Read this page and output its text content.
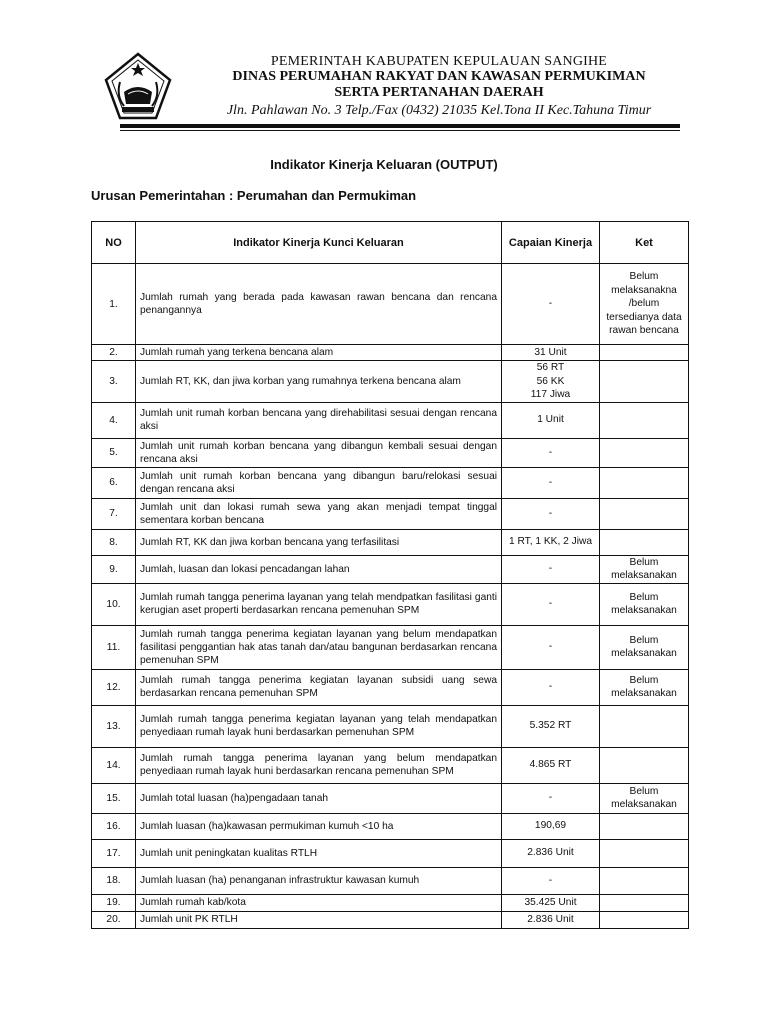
PEMERINTAH KABUPATEN KEPULAUAN SANGIHE
DINAS PERUMAHAN RAKYAT DAN KAWASAN PERMUKIMAN
SERTA PERTANAHAN DAERAH
Jln. Pahlawan No. 3 Telp./Fax (0432) 21035 Kel.Tona II Kec.Tahuna Timur
Indikator Kinerja Keluaran (OUTPUT)
Urusan Pemerintahan : Perumahan dan Permukiman
NO	Indikator Kinerja Kunci Keluaran	Capaian Kinerja	Ket
1.	Jumlah rumah yang berada pada kawasan rawan bencana dan rencana penangannya	-	Belum melaksanakna /belum tersedianya data rawan bencana
2.	Jumlah rumah yang terkena bencana alam	31 Unit	
3.	Jumlah RT, KK, dan jiwa korban yang rumahnya terkena bencana alam	56 RT
56 KK
117 Jiwa	
4.	Jumlah unit rumah korban bencana yang direhabilitasi sesuai dengan rencana aksi	1 Unit	
5.	Jumlah unit rumah korban bencana yang dibangun kembali sesuai dengan rencana aksi	-	
6.	Jumlah unit rumah korban bencana yang dibangun baru/relokasi sesuai dengan rencana aksi	-	
7.	Jumlah unit dan lokasi rumah sewa yang akan menjadi tempat tinggal sementara korban bencana	-	
8.	Jumlah RT, KK dan jiwa korban bencana yang terfasilitasi	1 RT, 1 KK, 2 Jiwa	
9.	Jumlah, luasan dan lokasi pencadangan lahan	-	Belum melaksanakan
10.	Jumlah rumah tangga penerima layanan yang telah mendpatkan fasilitasi ganti kerugian aset properti berdasarkan rencana pemenuhan SPM	-	Belum melaksanakan
11.	Jumlah rumah tangga penerima kegiatan layanan yang belum mendapatkan fasilitasi penggantian hak atas tanah dan/atau bangunan berdasarkan rencana pemenuhan SPM	-	Belum melaksanakan
12.	Jumlah rumah tangga penerima kegiatan layanan subsidi uang sewa berdasarkan rencana pemenuhan SPM	-	Belum melaksanakan
13.	Jumlah rumah tangga penerima kegiatan layanan yang telah mendapatkan penyediaan rumah layak huni berdasarkan pemenuhan SPM	5.352 RT	
14.	Jumlah rumah tangga penerima layanan yang belum mendapatkan penyediaan rumah layak huni berdasarkan rencana pemenuhan SPM	4.865 RT	
15.	Jumlah total luasan (ha)pengadaan tanah	-	Belum melaksanakan
16.	Jumlah luasan (ha)kawasan permukiman kumuh <10 ha	190,69	
17.	Jumlah unit peningkatan kualitas RTLH	2.836 Unit	
18.	Jumlah luasan (ha) penanganan infrastruktur kawasan kumuh	-	
19.	Jumlah rumah kab/kota	35.425 Unit	
20.	Jumlah unit PK RTLH	2.836 Unit	
